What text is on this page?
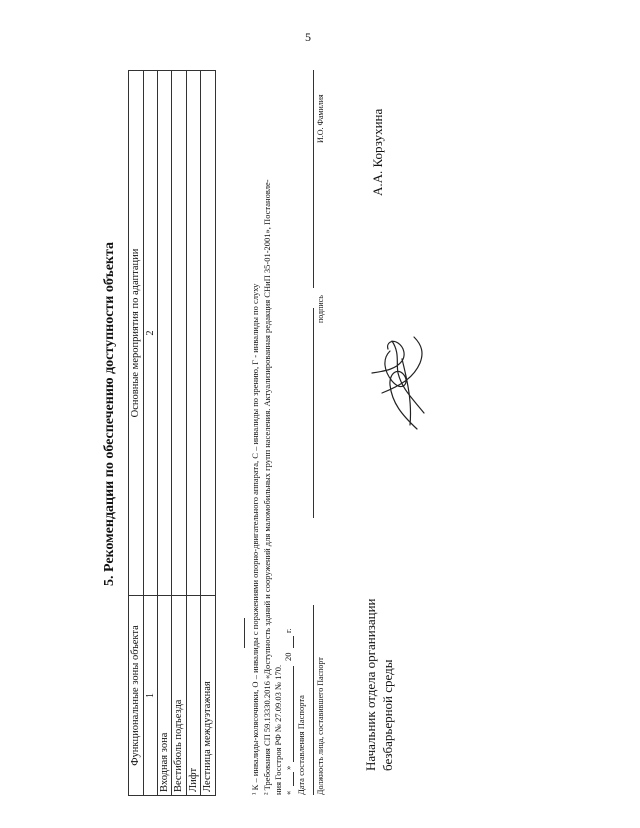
5
5. Рекомендации по обеспечению доступности объекта
Функциональные зоны объекта	Основные мероприятия по адаптации
1	2
Входная зона	
Вестибюль подъезда	
Лифт	
Лестница междуэтажная		¹ К – инвалиды-колясочники, О – инвалиды с поражениями опорно-двигательного аппарата, С – инвалиды по зрению, Г - инвалиды по слуху ² Требования СП 59.13330.2016 «Доступность зданий и сооружений для маломобильных групп населения. Актуализированная редакция СНиП 35-01-2001», Постановле- ния Госстроя РФ № 27.09.03 № 170. «
»
20
г.
Дата составления Паспорта Должность лица, составившего Паспорт
подпись
И.О. Фамилия
Начальник отдела организации безбарьерной среды
А.А. Корзухина
